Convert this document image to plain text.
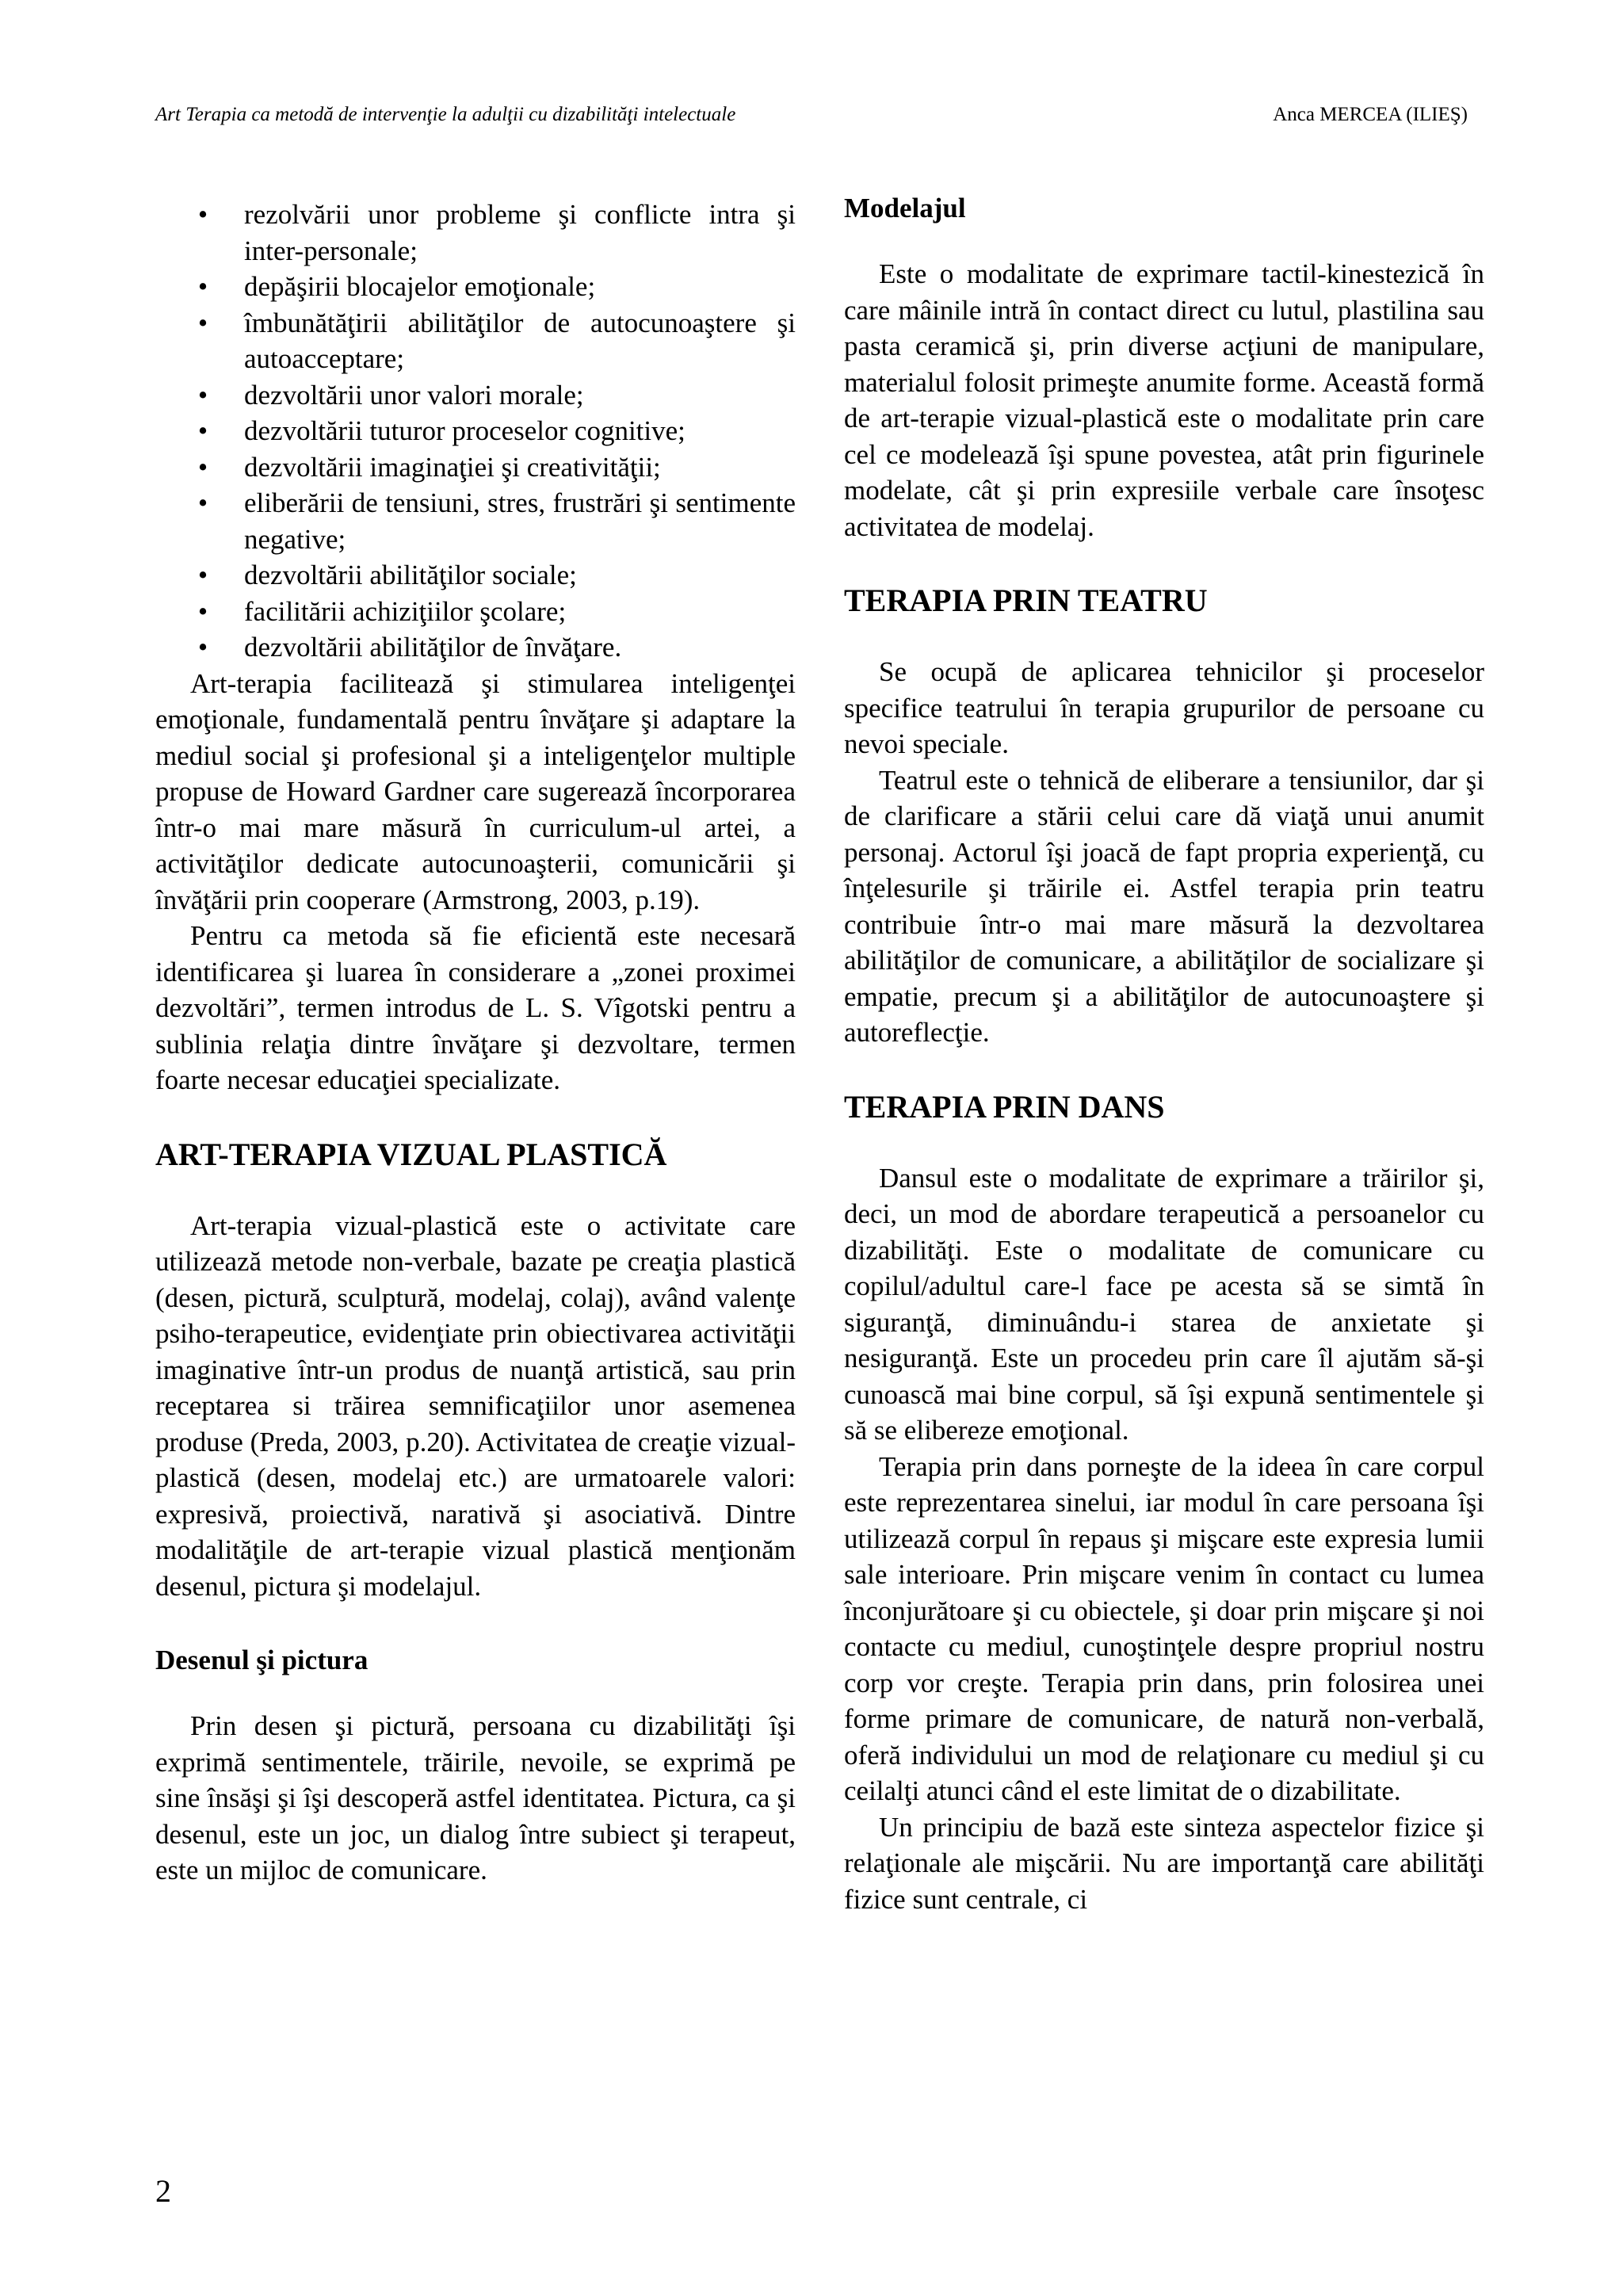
Art Terapia ca metodă de intervenţie la adulţii cu dizabilităţi intelectuale	Anca MERCEA (ILIEŞ)
• rezolvării unor probleme şi conflicte intra şi inter-personale;
• depăşirii blocajelor emoţionale;
• îmbunătăţirii abilităţilor de autocunoaştere şi autoacceptare;
• dezvoltării unor valori morale;
• dezvoltării tuturor proceselor cognitive;
• dezvoltării imaginaţiei şi creativităţii;
• eliberării de tensiuni, stres, frustrări şi sentimente negative;
• dezvoltării abilităţilor sociale;
• facilitării achiziţiilor şcolare;
• dezvoltării abilităţilor de învăţare.

Art-terapia facilitează şi stimularea inteligenţei emoţionale, fundamentală pentru învăţare şi adaptare la mediul social şi profesional şi a inteligenţelor multiple propuse de Howard Gardner care sugerează încorporarea într-o mai mare măsură în curriculum-ul artei, a activităţilor dedicate autocunoaşterii, comunicării şi învăţării prin cooperare (Armstrong, 2003, p.19).

Pentru ca metoda să fie eficientă este necesară identificarea şi luarea în considerare a „zonei proximei dezvoltări”, termen introdus de L. S. Vîgotski pentru a sublinia relaţia dintre învăţare şi dezvoltare, termen foarte necesar educaţiei specializate.

ART-TERAPIA VIZUAL PLASTICĂ

Art-terapia vizual-plastică este o activitate care utilizează metode non-verbale, bazate pe creaţia plastică (desen, pictură, sculptură, modelaj, colaj), având valenţe psiho-terapeutice, evidenţiate prin obiectivarea activităţii imaginative într-un produs de nuanţă artistică, sau prin receptarea si trăirea semnificaţiilor unor asemenea produse (Preda, 2003, p.20). Activitatea de creaţie vizual-plastică (desen, modelaj etc.) are urmatoarele valori: expresivă, proiectivă, narativă şi asociativă. Dintre modalităţile de art-terapie vizual plastică menţionăm desenul, pictura şi modelajul.

Desenul şi pictura

Prin desen şi pictură, persoana cu dizabilităţi îşi exprimă sentimentele, trăirile, nevoile, se exprimă pe sine însăşi şi îşi descoperă astfel identitatea. Pictura, ca şi desenul, este un joc, un dialog între subiect şi terapeut, este un mijloc de comunicare.

Modelajul

Este o modalitate de exprimare tactil-kinestezică în care mâinile intră în contact direct cu lutul, plastilina sau pasta ceramică şi, prin diverse acţiuni de manipulare, materialul folosit primeşte anumite forme. Această formă de art-terapie vizual-plastică este o modalitate prin care cel ce modelează îşi spune povestea, atât prin figurinele modelate, cât şi prin expresiile verbale care însoţesc activitatea de modelaj.

TERAPIA PRIN TEATRU

Se ocupă de aplicarea tehnicilor şi proceselor specifice teatrului în terapia grupurilor de persoane cu nevoi speciale.

Teatrul este o tehnică de eliberare a tensiunilor, dar şi de clarificare a stării celui care dă viaţă unui anumit personaj. Actorul îşi joacă de fapt propria experienţă, cu înţelesurile şi trăirile ei. Astfel terapia prin teatru contribuie într-o mai mare măsură la dezvoltarea abilităţilor de comunicare, a abilităţilor de socializare şi empatie, precum şi a abilităţilor de autocunoaştere şi autoreflecţie.

TERAPIA PRIN DANS

Dansul este o modalitate de exprimare a trăirilor şi, deci, un mod de abordare terapeutică a persoanelor cu dizabilităţi. Este o modalitate de comunicare cu copilul/adultul care-l face pe acesta să se simtă în siguranţă, diminuându-i starea de anxietate şi nesiguranţă. Este un procedeu prin care îl ajutăm să-şi cunoască mai bine corpul, să îşi expună sentimentele şi să se elibereze emoţional.

Terapia prin dans porneşte de la ideea în care corpul este reprezentarea sinelui, iar modul în care persoana îşi utilizează corpul în repaus şi mişcare este expresia lumii sale interioare. Prin mişcare venim în contact cu lumea înconjurătoare şi cu obiectele, şi doar prin mişcare şi noi contacte cu mediul, cunoştinţele despre propriul nostru corp vor creşte. Terapia prin dans, prin folosirea unei forme primare de comunicare, de natură non-verbală, oferă individului un mod de relaţionare cu mediul şi cu ceilalţi atunci când el este limitat de o dizabilitate.

Un principiu de bază este sinteza aspectelor fizice şi relaţionale ale mişcării. Nu are importanţă care abilităţi fizice sunt centrale, ci

2
